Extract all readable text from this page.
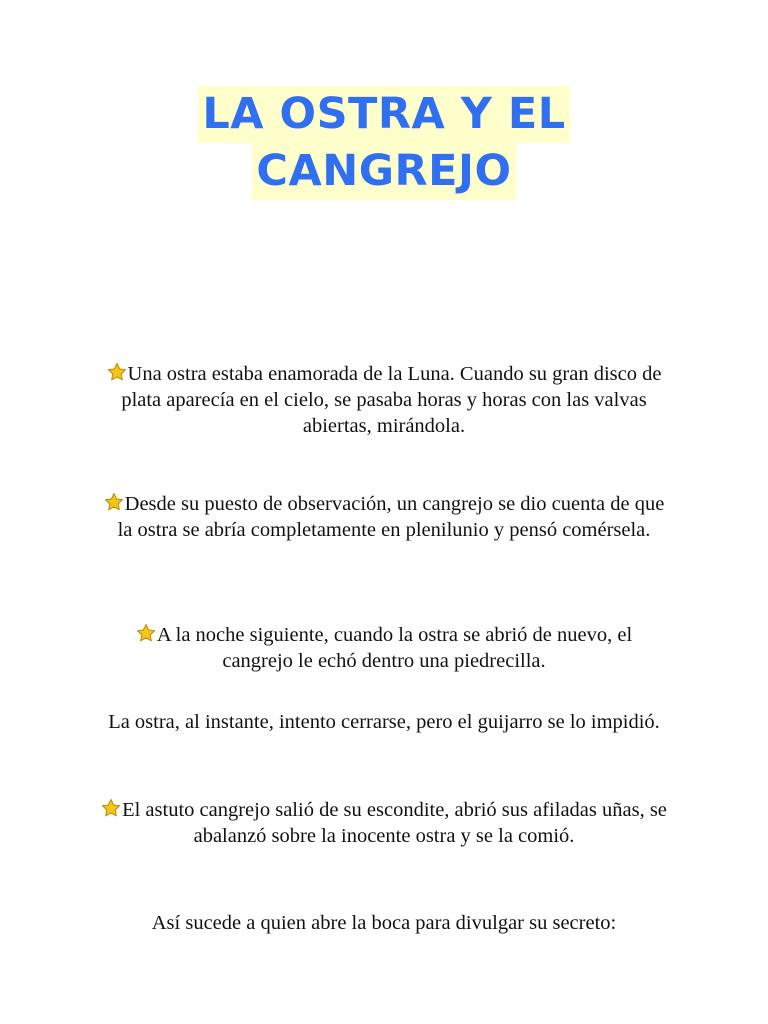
LA OSTRA Y EL
CANGREJO
Una ostra estaba enamorada de la Luna. Cuando su gran disco de plata aparecía en el cielo, se pasaba horas y horas con las valvas abiertas, mirándola.
Desde su puesto de observación, un cangrejo se dio cuenta de que la ostra se abría completamente en plenilunio y pensó comérsela.
A la noche siguiente, cuando la ostra se abrió de nuevo, el cangrejo le echó dentro una piedrecilla.
La ostra, al instante, intento cerrarse, pero el guijarro se lo impidió.
El astuto cangrejo salió de su escondite, abrió sus afiladas uñas, se abalanzó sobre la inocente ostra y se la comió.
Así sucede a quien abre la boca para divulgar su secreto:
